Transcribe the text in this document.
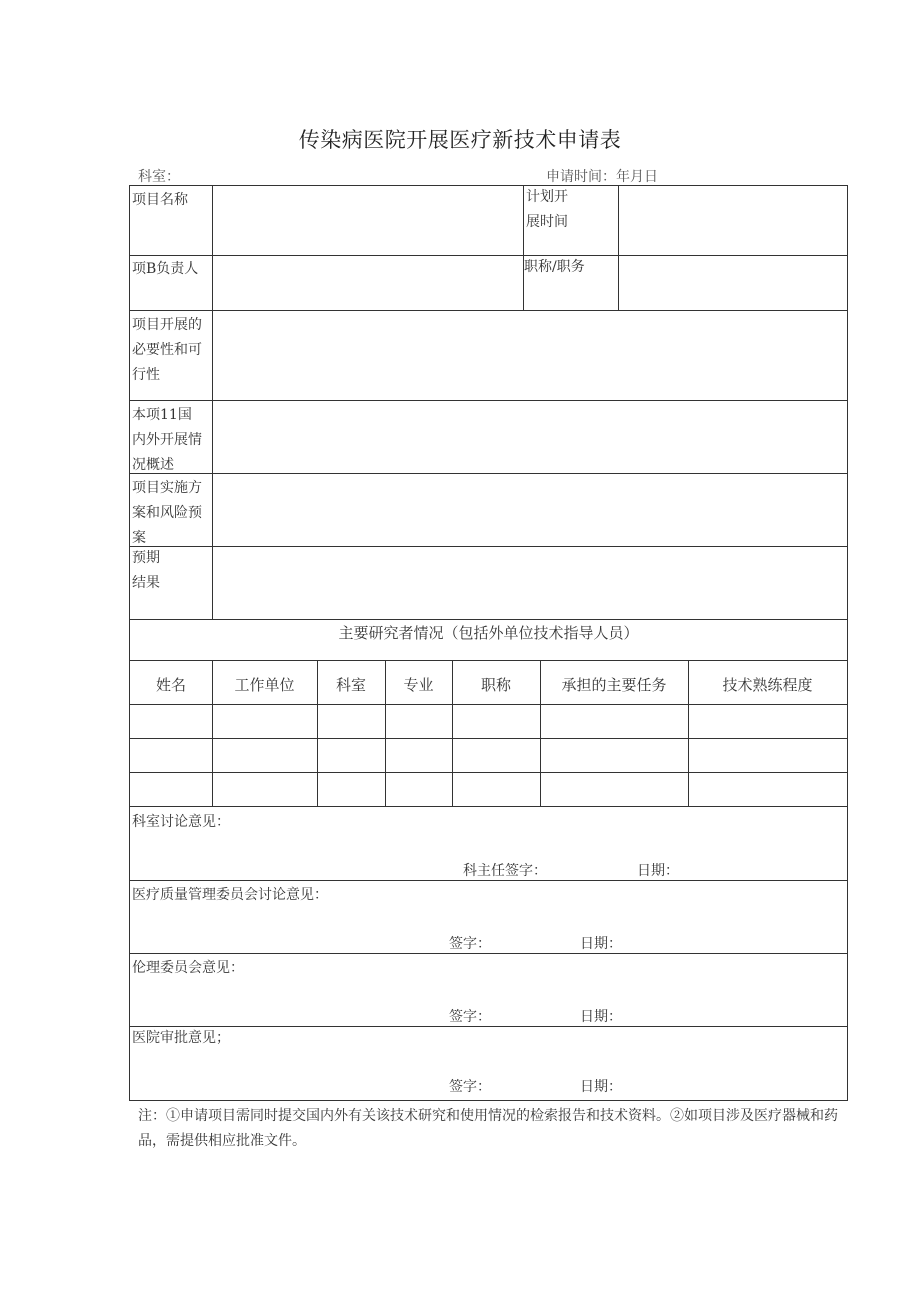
传染病医院开展医疗新技术申请表
科室：	申请时间：年月日
项目名称	计划开
展时间
项B负责人	职称/职务
项目开展的
必要性和可
行性
本项11国
内外开展情
况概述
项目实施方
案和风险预
案
预期
结果
主要研究者情况（包括外单位技术指导人员）
姓名	工作单位	科室	专业	职称	承担的主要任务	技术熟练程度
科室讨论意见：
科主任签字：	日期：
医疗质量管理委员会讨论意见：
签字：	日期：
伦理委员会意见：
签字：	日期：
医院审批意见；
签字：	日期：
注：①申请项目需同时提交国内外有关该技术研究和使用情况的检索报告和技术资料。②如项目涉及医疗器械和药品，需提供相应批准文件。
